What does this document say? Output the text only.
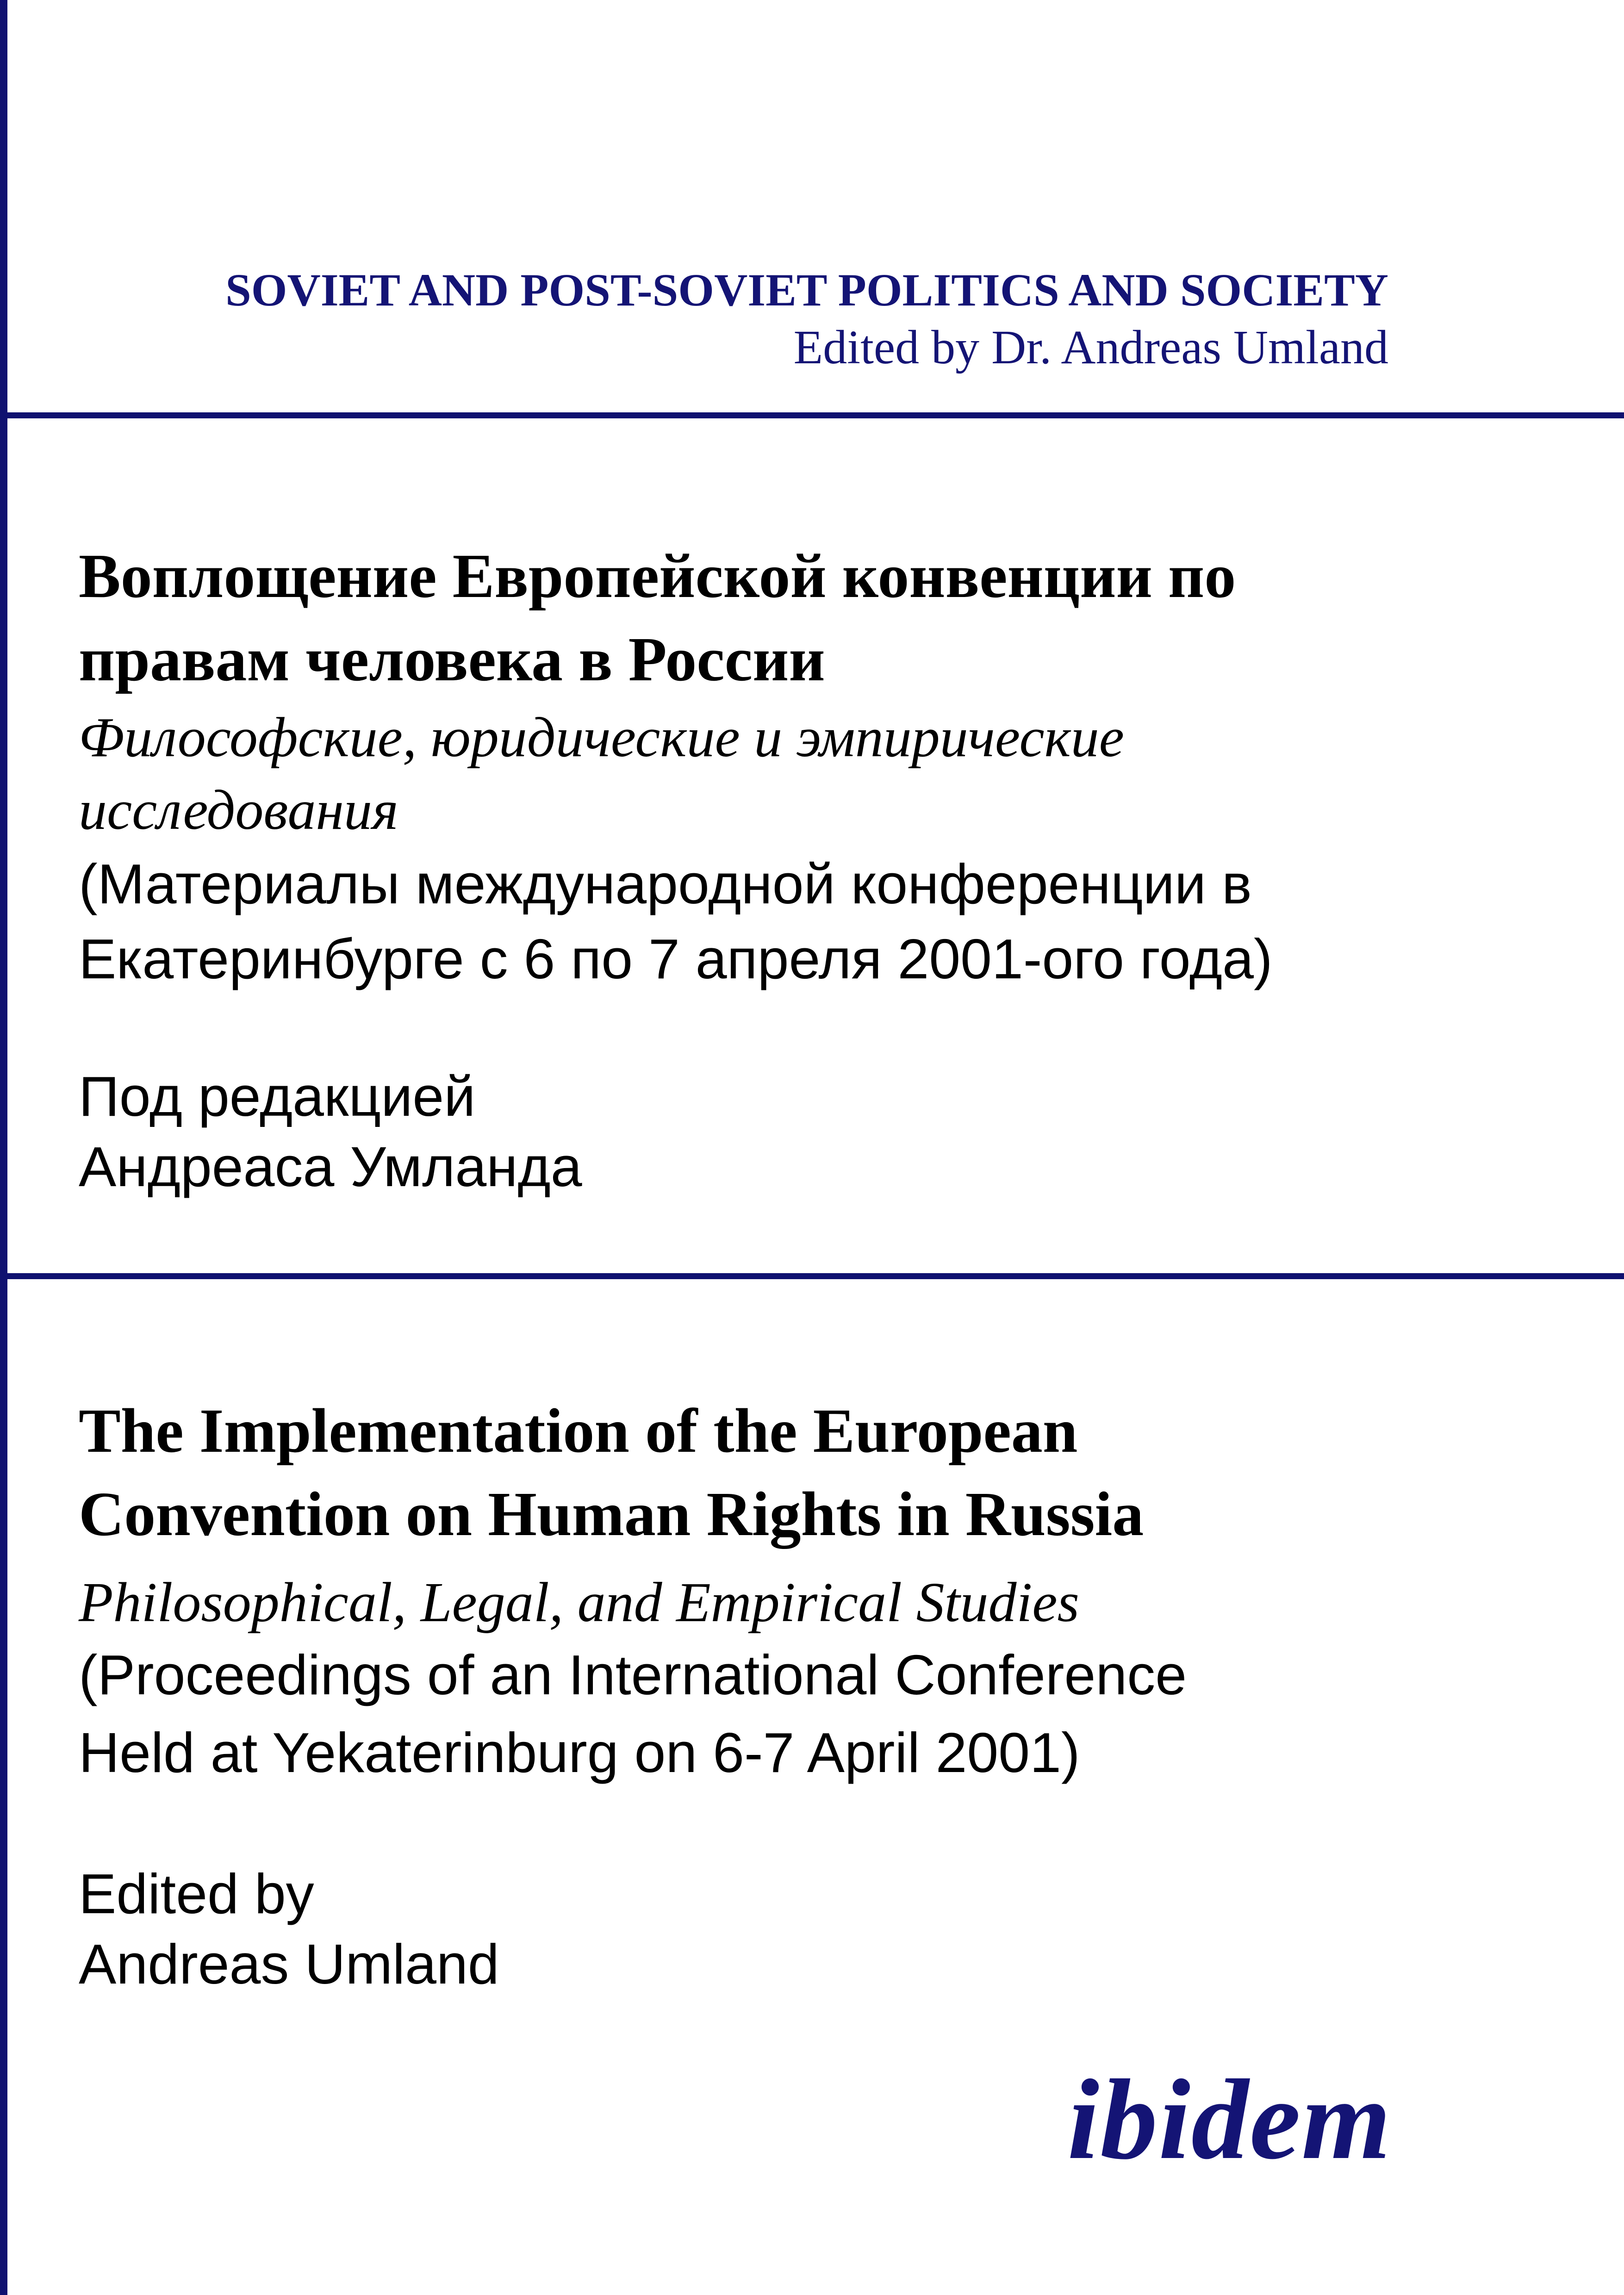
SOVIET AND POST-SOVIET POLITICS AND SOCIETY
Edited by Dr. Andreas Umland
Воплощение Европейской конвенции по
правам человека в России
Философские, юридические и эмпирические
исследования
(Материалы международной конференции в
Екатеринбурге с 6 по 7 апреля 2001-ого года)
Под редакцией
Андреаса Умланда
The Implementation of the European
Convention on Human Rights in Russia
Philosophical, Legal, and Empirical Studies
(Proceedings of an International Conference
Held at Yekaterinburg on 6-7 April 2001)
Edited by
Andreas Umland
ibidem
